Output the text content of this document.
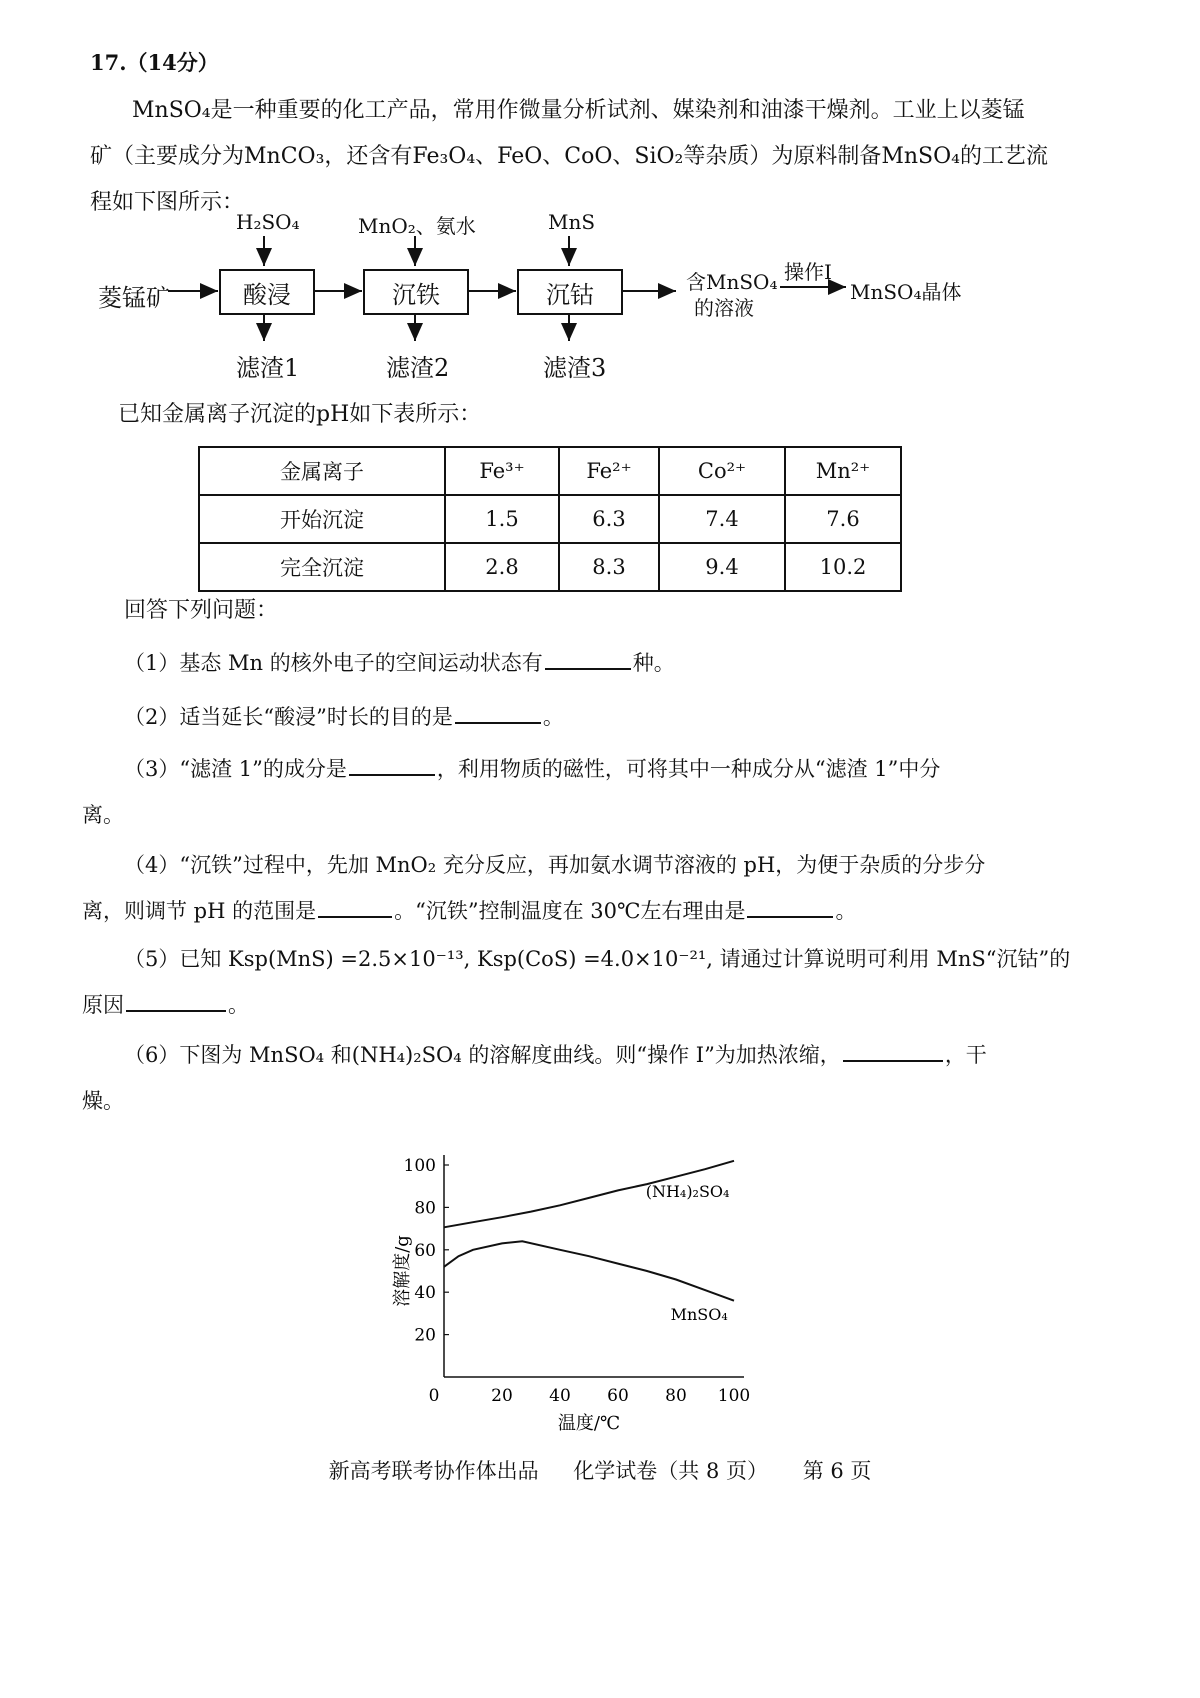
17.（14分）
MnSO₄是一种重要的化工产品，常用作微量分析试剂、媒染剂和油漆干燥剂。工业上以菱锰
矿（主要成分为MnCO₃，还含有Fe₃O₄、FeO、CoO、SiO₂等杂质）为原料制备MnSO₄的工艺流
程如下图所示：
菱锰矿	酸浸	沉铁	沉钴
H₂SO₄	MnO₂、氨水	MnS
滤渣1	滤渣2	滤渣3
含MnSO₄
的溶液
操作I
MnSO₄晶体
已知金属离子沉淀的pH如下表所示：
金属离子	Fe³⁺	Fe²⁺	Co²⁺	Mn²⁺
开始沉淀	1.5	6.3	7.4	7.6
完全沉淀	2.8	8.3	9.4	10.2
回答下列问题：
（1）基态 Mn 的核外电子的空间运动状态有	种。
（2）适当延长“酸浸”时长的目的是	。
（3）“滤渣 1”的成分是	，利用物质的磁性，可将其中一种成分从“滤渣 1”中分
离。
（4）“沉铁”过程中，先加 MnO₂ 充分反应，再加氨水调节溶液的 pH，为便于杂质的分步分
离，则调节 pH 的范围是	。“沉铁”控制温度在 30℃左右理由是	。
（5）已知 Ksp(MnS) =2.5×10⁻¹³, Ksp(CoS) =4.0×10⁻²¹, 请通过计算说明可利用 MnS“沉钴”的
原因	。
（6）下图为 MnSO₄ 和(NH₄)₂SO₄ 的溶解度曲线。则“操作 I”为加热浓缩，	，干
燥。
0	20 40 60 80 100
20
40
60
80
100
温度/℃
溶解度/g
(NH₄)₂SO₄
MnSO₄
新高考联考协作体出品 化学试卷（共 8 页） 第 6 页
